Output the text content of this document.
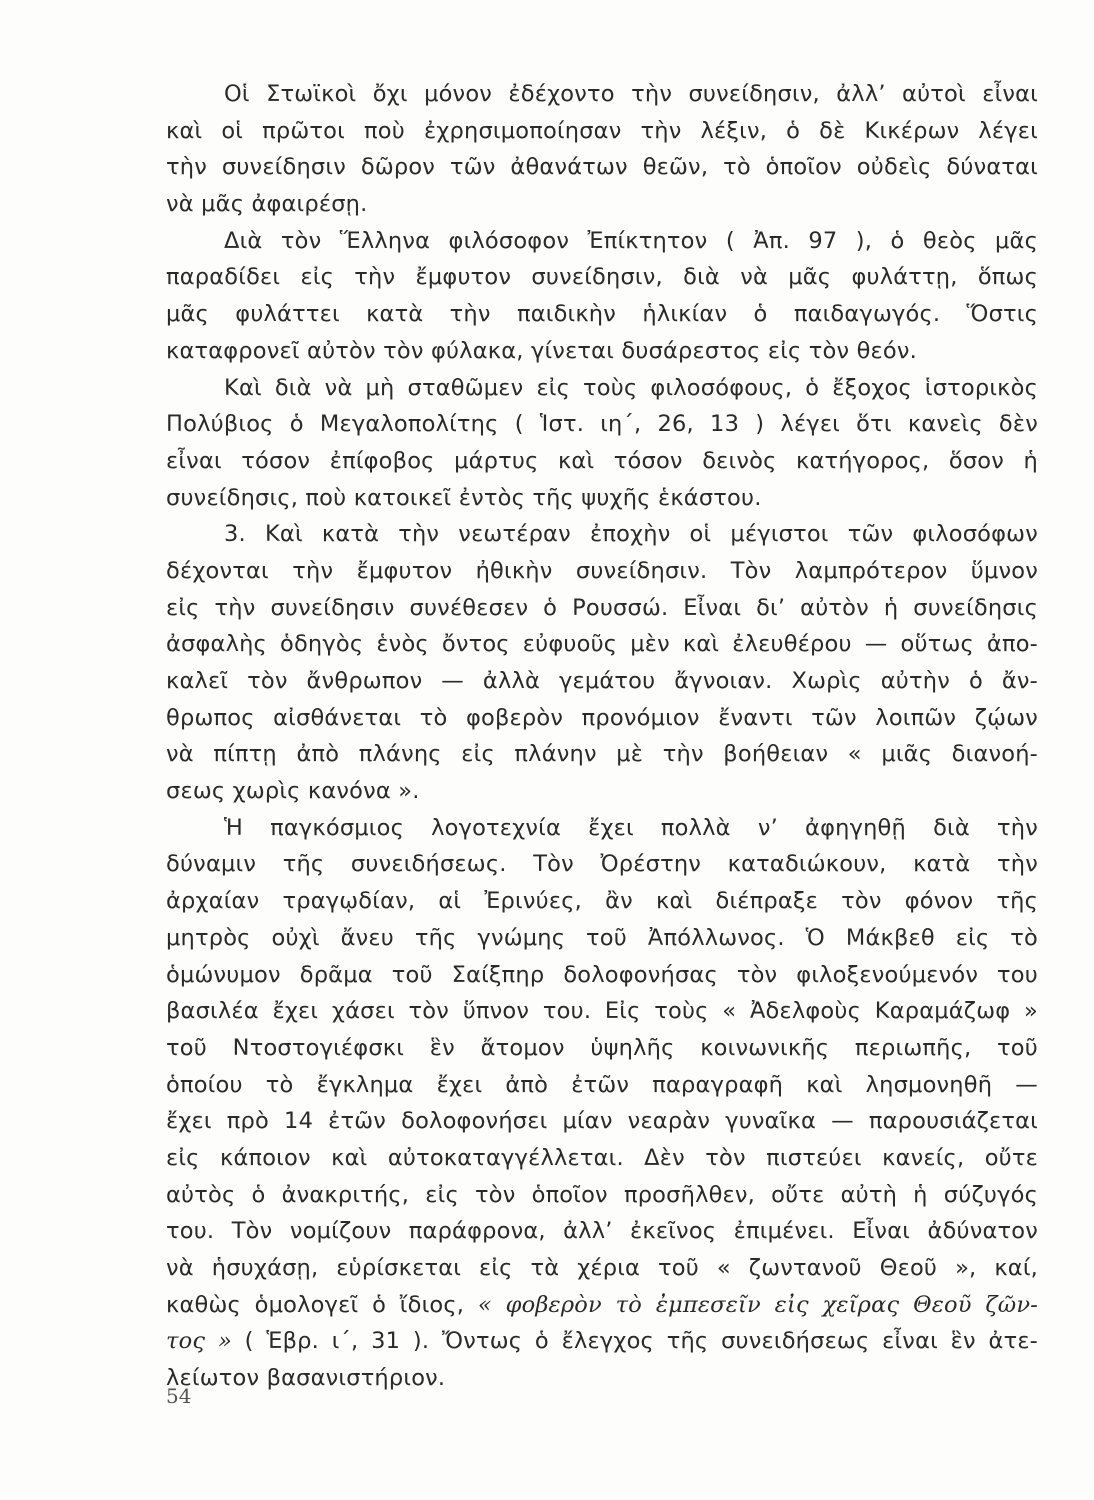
Οἱ Στωϊκοὶ ὄχι μόνον ἐδέχοντο τὴν συνείδησιν, ἀλλ’ αὐτοὶ εἶναι
καὶ οἱ πρῶτοι ποὺ ἐχρησιμοποίησαν τὴν λέξιν, ὁ δὲ Κικέρων λέγει
τὴν συνείδησιν δῶρον τῶν ἀθανάτων θεῶν, τὸ ὁποῖον οὐδεὶς δύναται
νὰ μᾶς ἀφαιρέσῃ.
Διὰ τὸν Ἕλληνα φιλόσοφον Ἐπίκτητον ( Ἀπ. 97 ), ὁ θεὸς μᾶς
παραδίδει εἰς τὴν ἔμφυτον συνείδησιν, διὰ νὰ μᾶς φυλάττῃ, ὅπως
μᾶς φυλάττει κατὰ τὴν παιδικὴν ἡλικίαν ὁ παιδαγωγός. Ὅστις
καταφρονεῖ αὐτὸν τὸν φύλακα, γίνεται δυσάρεστος εἰς τὸν θεόν.
Καὶ διὰ νὰ μὴ σταθῶμεν εἰς τοὺς φιλοσόφους, ὁ ἔξοχος ἱστορικὸς
Πολύβιος ὁ Μεγαλοπολίτης ( Ἱστ. ιη΄, 26, 13 ) λέγει ὅτι κανεὶς δὲν
εἶναι τόσον ἐπίφοβος μάρτυς καὶ τόσον δεινὸς κατήγορος, ὅσον ἡ
συνείδησις, ποὺ κατοικεῖ ἐντὸς τῆς ψυχῆς ἑκάστου.
3. Καὶ κατὰ τὴν νεωτέραν ἐποχὴν οἱ μέγιστοι τῶν φιλοσόφων
δέχονται τὴν ἔμφυτον ἠθικὴν συνείδησιν. Τὸν λαμπρότερον ὕμνον
εἰς τὴν συνείδησιν συνέθεσεν ὁ Ρουσσώ. Εἶναι δι’ αὐτὸν ἡ συνείδησις
ἀσφαλὴς ὁδηγὸς ἑνὸς ὄντος εὐφυοῦς μὲν καὶ ἐλευθέρου — οὕτως ἀπο-
καλεῖ τὸν ἄνθρωπον — ἀλλὰ γεμάτου ἄγνοιαν. Χωρὶς αὐτὴν ὁ ἄν-
θρωπος αἰσθάνεται τὸ φοβερὸν προνόμιον ἔναντι τῶν λοιπῶν ζῴων
νὰ πίπτῃ ἀπὸ πλάνης εἰς πλάνην μὲ τὴν βοήθειαν « μιᾶς διανοή-
σεως χωρὶς κανόνα ».
Ἡ παγκόσμιος λογοτεχνία ἔχει πολλὰ ν’ ἀφηγηθῇ διὰ τὴν
δύναμιν τῆς συνειδήσεως. Τὸν Ὀρέστην καταδιώκουν, κατὰ τὴν
ἀρχαίαν τραγῳδίαν, αἱ Ἐρινύες, ἂν καὶ διέπραξε τὸν φόνον τῆς
μητρὸς οὐχὶ ἄνευ τῆς γνώμης τοῦ Ἀπόλλωνος. Ὁ Μάκβεθ εἰς τὸ
ὁμώνυμον δρᾶμα τοῦ Σαίξπηρ δολοφονήσας τὸν φιλοξενούμενόν του
βασιλέα ἔχει χάσει τὸν ὕπνον του. Εἰς τοὺς « Ἀδελφοὺς Καραμάζωφ »
τοῦ Ντοστογιέφσκι ἓν ἄτομον ὑψηλῆς κοινωνικῆς περιωπῆς, τοῦ
ὁποίου τὸ ἔγκλημα ἔχει ἀπὸ ἐτῶν παραγραφῆ καὶ λησμονηθῆ —
ἔχει πρὸ 14 ἐτῶν δολοφονήσει μίαν νεαρὰν γυναῖκα — παρουσιάζεται
εἰς κάποιον καὶ αὐτοκαταγγέλλεται. Δὲν τὸν πιστεύει κανείς, οὔτε
αὐτὸς ὁ ἀνακριτής, εἰς τὸν ὁποῖον προσῆλθεν, οὔτε αὐτὴ ἡ σύζυγός
του. Τὸν νομίζουν παράφρονα, ἀλλ’ ἐκεῖνος ἐπιμένει. Εἶναι ἀδύνατον
νὰ ἡσυχάσῃ, εὑρίσκεται εἰς τὰ χέρια τοῦ « ζωντανοῦ Θεοῦ », καί,
καθὼς ὁμολογεῖ ὁ ἴδιος, « φοβερὸν τὸ ἐμπεσεῖν εἰς χεῖρας Θεοῦ ζῶν-
τος » ( Ἑβρ. ι΄, 31 ). Ὄντως ὁ ἔλεγχος τῆς συνειδήσεως εἶναι ἓν ἀτε-
λείωτον βασανιστήριον.
54
